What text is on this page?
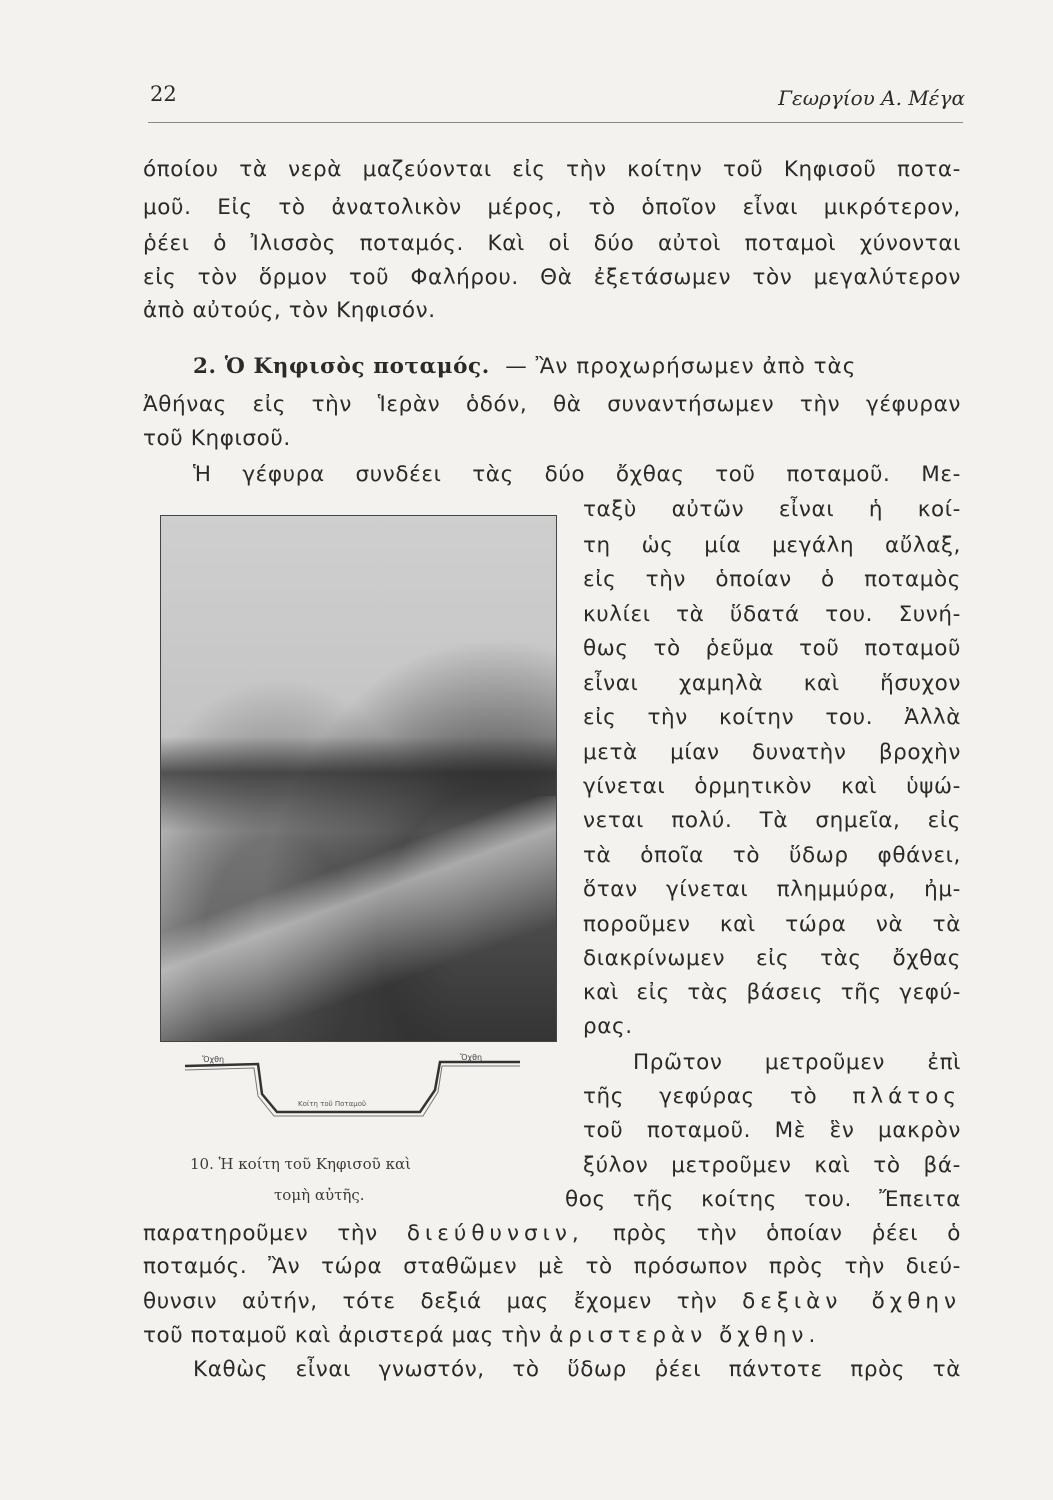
22	Γεωργίου Α. Μέγα
όποίου τὰ νερὰ μαζεύονται εἰς τὴν κοίτην τοῦ Κηφισοῦ ποτα-
μοῦ. Εἰς τὸ ἀνατολικὸν μέρος, τὸ ὁποῖον εἶναι μικρότερον,
ῥέει ὁ Ἰλισσὸς ποταμός. Καὶ οἱ δύο αὐτοὶ ποταμοὶ χύνονται
εἰς τὸν ὅρμον τοῦ Φαλήρου. Θὰ ἐξετάσωμεν τὸν μεγαλύτερον
ἀπὸ αὐτούς, τὸν Κηφισόν.
2. Ὁ Κηφισὸς ποταμός. — Ἂν προχωρήσωμεν ἀπὸ τὰς
Ἀθήνας εἰς τὴν Ἱερὰν ὁδόν, θὰ συναντήσωμεν τὴν γέφυραν
τοῦ Κηφισοῦ.
Ἡ γέφυρα συνδέει τὰς δύο ὄχθας τοῦ ποταμοῦ. Με-
ταξὺ αὐτῶν εἶναι ἡ κοί-
τη ὡς μία μεγάλη αὔλαξ,
εἰς τὴν ὁποίαν ὁ ποταμὸς
κυλίει τὰ ὕδατά του. Συνή-
θως τὸ ῥεῦμα τοῦ ποταμοῦ
εἶναι χαμηλὰ καὶ ἥσυχον
εἰς τὴν κοίτην του. Ἀλλὰ
μετὰ μίαν δυνατὴν βροχὴν
γίνεται ὁρμητικὸν καὶ ὑψώ-
νεται πολύ. Τὰ σημεῖα, εἰς
τὰ ὁποῖα τὸ ὕδωρ φθάνει,
ὅταν γίνεται πλημμύρα, ἠμ-
ποροῦμεν καὶ τώρα νὰ τὰ
διακρίνωμεν εἰς τὰς ὄχθας
καὶ εἰς τὰς βάσεις τῆς γεφύ-
ρας.
Πρῶτον μετροῦμεν ἐπὶ
τῆς γεφύρας τὸ πλάτος
τοῦ ποταμοῦ. Μὲ ἓν μακρὸν
ξύλον μετροῦμεν καὶ τὸ βά-
θος τῆς κοίτης του. Ἔπειτα
παρατηροῦμεν τὴν διεύθυνσιν, πρὸς τὴν ὁποίαν ῥέει ὁ
ποταμός. Ἂν τώρα σταθῶμεν μὲ τὸ πρόσωπον πρὸς τὴν διεύ-
θυνσιν αὐτήν, τότε δεξιά μας ἔχομεν τὴν δεξιὰν ὄχθην
τοῦ ποταμοῦ καὶ ἀριστερά μας τὴν ἀριστερὰν ὄχθην.
Καθὼς εἶναι γνωστόν, τὸ ὕδωρ ῥέει πάντοτε πρὸς τὰ
Ὄχθη	Ὄχθη
Κοίτη τοῦ Ποταμοῦ
10. Ἡ κοίτη τοῦ Κηφισοῦ καὶ
τομὴ αὐτῆς.
